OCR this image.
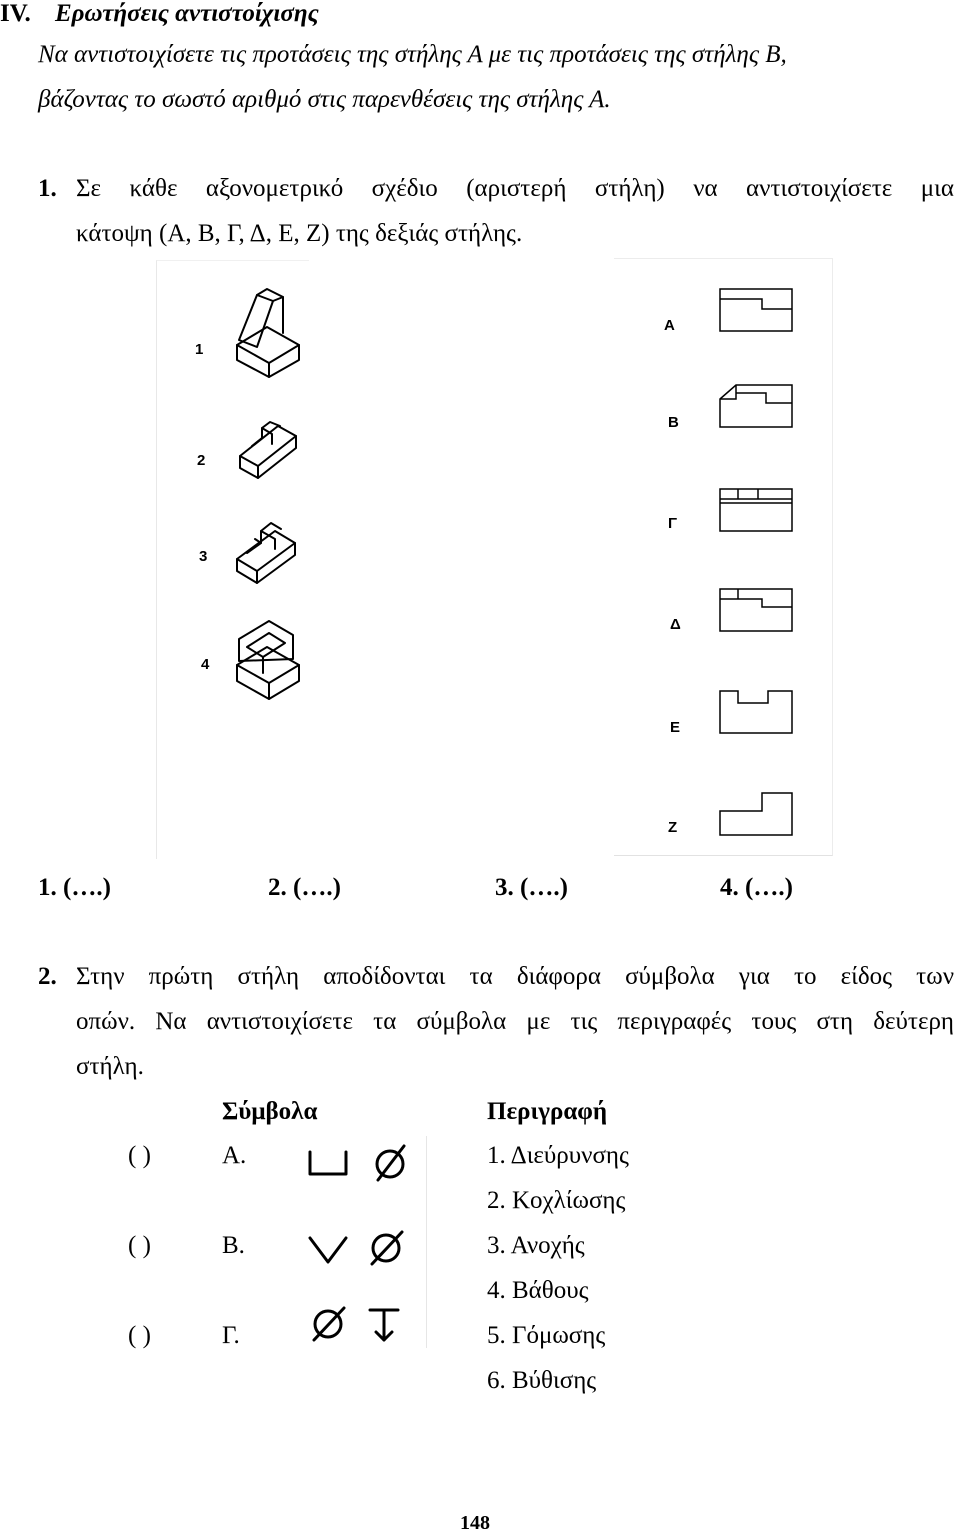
IV. Ερωτήσεις αντιστοίχισης
Να αντιστοιχίσετε τις προτάσεις της στήλης Α με τις προτάσεις της στήλης Β,
βάζοντας το σωστό αριθμό στις παρενθέσεις της στήλης Α.
1. Σε κάθε αξονομετρικό σχέδιο (αριστερή στήλη) να αντιστοιχίσετε μια
κάτοψη (Α, Β, Γ, Δ, Ε, Ζ) της δεξιάς στήλης.
1
2
3
4
A
B
Γ
Δ
E
Z
1. (….)	2. (….)	3. (….)	4. (….)
2. Στην πρώτη στήλη αποδίδονται τα διάφορα σύμβολα για το είδος των
οπών. Να αντιστοιχίσετε τα σύμβολα με τις περιγραφές τους στη δεύτερη
στήλη.
Σύμβολα	Περιγραφή
( )	Α.
( )	Β.
( )	Γ.
1. Διεύρυνσης
2. Κοχλίωσης
3. Ανοχής
4. Βάθους
5. Γόμωσης
6. Βύθισης
148
